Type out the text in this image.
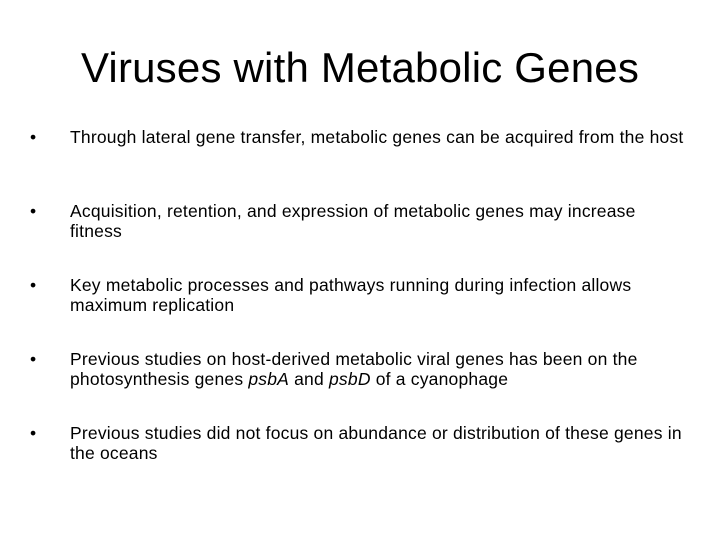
Viruses with Metabolic Genes
•	Through lateral gene transfer, metabolic genes can be acquired from the host
•	Acquisition, retention, and expression of metabolic genes may increase fitness
•	Key metabolic processes and pathways running during infection allows maximum replication
•	Previous studies on host-derived metabolic viral genes has been on the photosynthesis genes psbA and psbD of a cyanophage
•	Previous studies did not focus on abundance or distribution of these genes in the oceans
